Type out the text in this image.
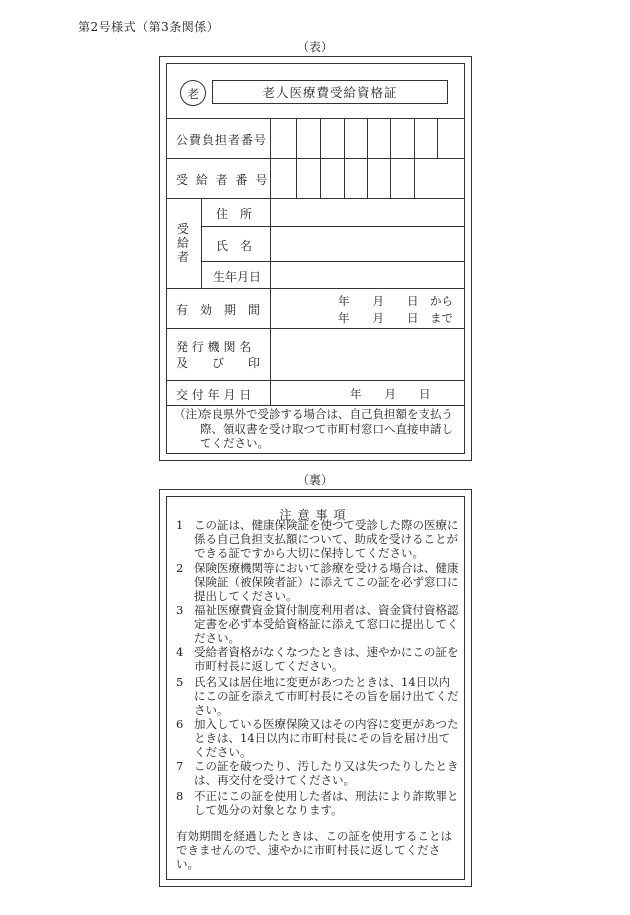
第2号様式（第3条関係）
（表）
老	老人医療費受給資格証
公費負担者番号
受 給 者 番 号
受給者
住　所
氏　名
生年月日
有　効　期　間
年　　月　　日　から
年　　月　　日　まで
発 行 機 関 名
及　　び　　印
交 付 年 月 日	年　　月　　日
（注）
奈良県外で受診する場合は、自己負担額を支払う際、領収書を受け取つて市町村窓口へ直接申請してください。
（裏）
注意事項
1 この証は、健康保険証を使つて受診した際の医療に係る自己負担支払額について、助成を受けることができる証ですから大切に保持してください。
2 保険医療機関等において診療を受ける場合は、健康保険証（被保険者証）に添えてこの証を必ず窓口に提出してください。
3 福祉医療費資金貸付制度利用者は、資金貸付資格認定書を必ず本受給資格証に添えて窓口に提出してください。
4 受給者資格がなくなつたときは、速やかにこの証を市町村長に返してください。
5 氏名又は居住地に変更があつたときは、14日以内にこの証を添えて市町村長にその旨を届け出てください。
6 加入している医療保険又はその内容に変更があつたときは、14日以内に市町村長にその旨を届け出てください。
7 この証を破つたり、汚したり又は失つたりしたときは、再交付を受けてください。
8 不正にこの証を使用した者は、刑法により詐欺罪として処分の対象となります。
有効期間を経過したときは、この証を使用することはできませんので、速やかに市町村長に返してください。
